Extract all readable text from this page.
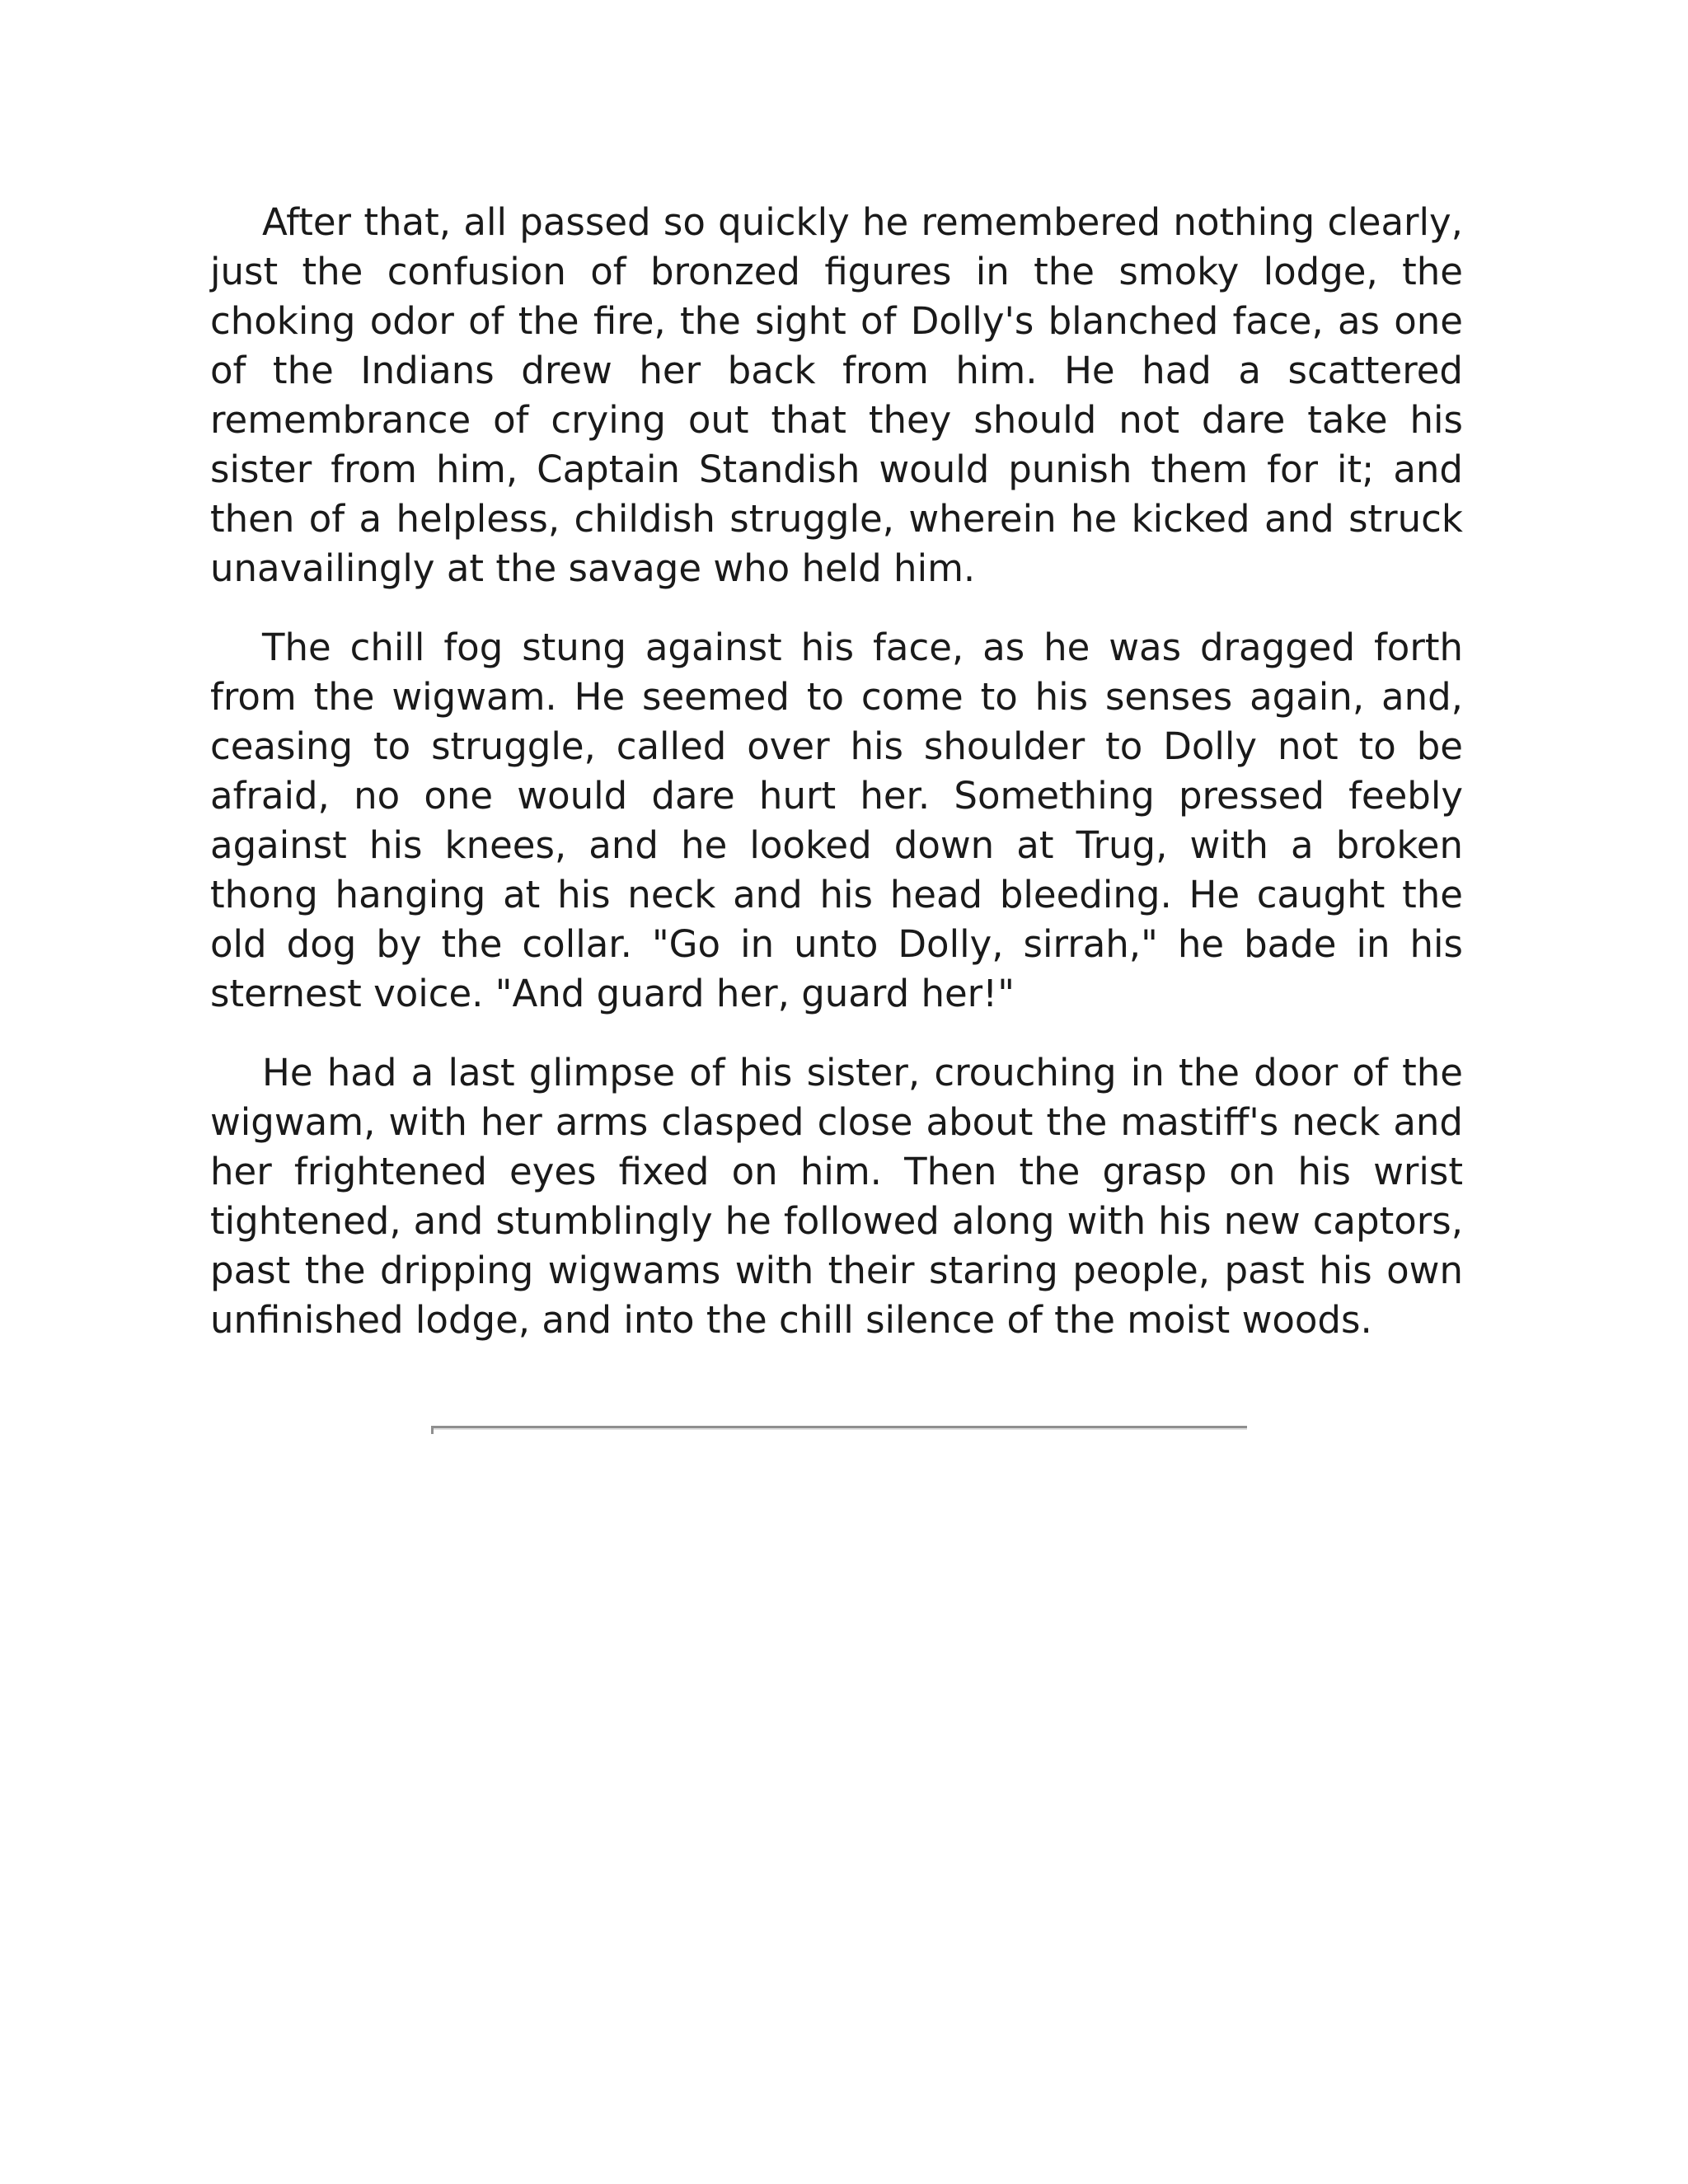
After that, all passed so quickly he remembered nothing clearly, just the confusion of bronzed figures in the smoky lodge, the choking odor of the fire, the sight of Dolly's blanched face, as one of the Indians drew her back from him. He had a scattered remembrance of crying out that they should not dare take his sister from him, Captain Standish would punish them for it; and then of a helpless, childish struggle, wherein he kicked and struck unavailingly at the savage who held him.

The chill fog stung against his face, as he was dragged forth from the wigwam. He seemed to come to his senses again, and, ceasing to struggle, called over his shoulder to Dolly not to be afraid, no one would dare hurt her. Something pressed feebly against his knees, and he looked down at Trug, with a broken thong hanging at his neck and his head bleeding. He caught the old dog by the collar. "Go in unto Dolly, sirrah," he bade in his sternest voice. "And guard her, guard her!"

He had a last glimpse of his sister, crouching in the door of the wigwam, with her arms clasped close about the mastiff's neck and her frightened eyes fixed on him. Then the grasp on his wrist tightened, and stumblingly he followed along with his new captors, past the dripping wigwams with their staring people, past his own unfinished lodge, and into the chill silence of the moist woods.
